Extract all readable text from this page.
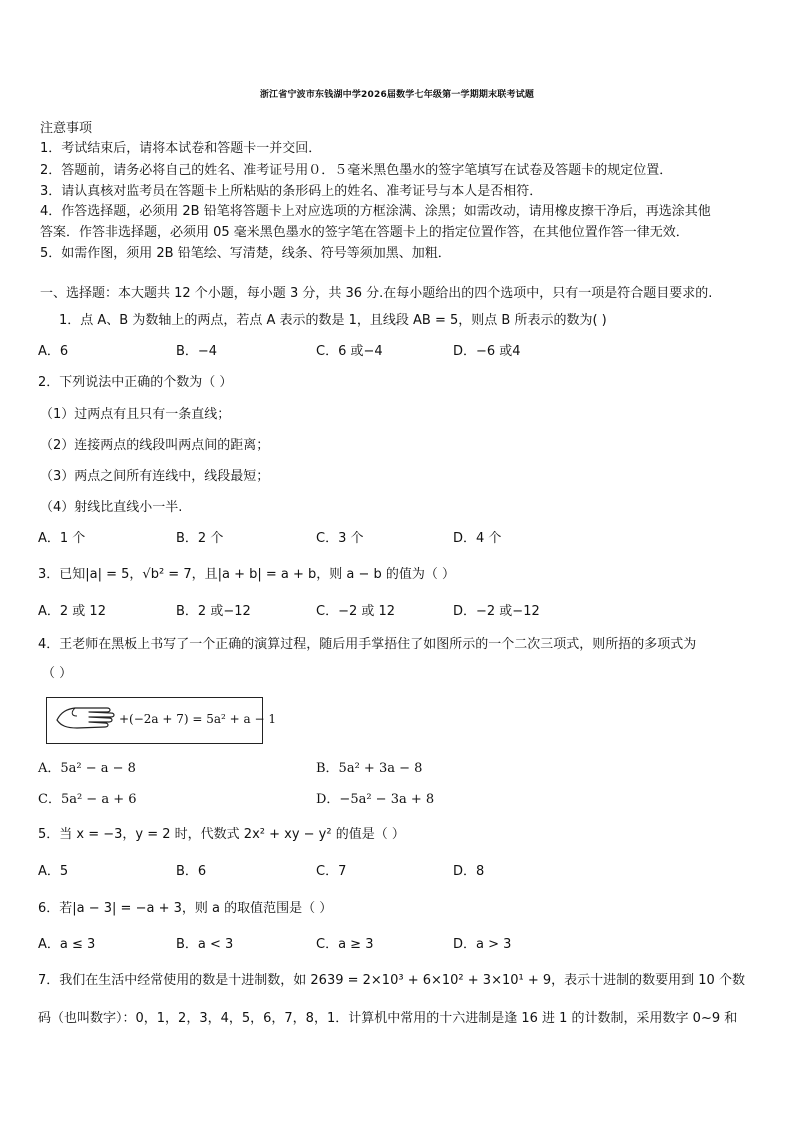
浙江省宁波市东钱湖中学2026届数学七年级第一学期期末联考试题
注意事项
1．考试结束后，请将本试卷和答题卡一并交回．
2．答题前，请务必将自己的姓名、准考证号用０．５毫米黑色墨水的签字笔填写在试卷及答题卡的规定位置．
3．请认真核对监考员在答题卡上所粘贴的条形码上的姓名、准考证号与本人是否相符．
4．作答选择题，必须用 2B 铅笔将答题卡上对应选项的方框涂满、涂黑；如需改动，请用橡皮擦干净后，再选涂其他
答案．作答非选择题，必须用 05 毫米黑色墨水的签字笔在答题卡上的指定位置作答，在其他位置作答一律无效．
5．如需作图，须用 2B 铅笔绘、写清楚，线条、符号等须加黑、加粗．
一、选择题：本大题共 12 个小题，每小题 3 分，共 36 分.在每小题给出的四个选项中，只有一项是符合题目要求的.
1．点 A、B 为数轴上的两点，若点 A 表示的数是 1，且线段 AB = 5，则点 B 所表示的数为( )
A．6	B．−4	C．6 或−4	D．−6 或4
2．下列说法中正确的个数为（ ）
（1）过两点有且只有一条直线；
（2）连接两点的线段叫两点间的距离；
（3）两点之间所有连线中，线段最短；
（4）射线比直线小一半.
A．1 个	B．2 个	C．3 个	D．4 个
3．已知|a| = 5，√b² = 7，且|a + b| = a + b，则 a − b 的值为（ ）
A．2 或 12	B．2 或−12	C．−2 或 12	D．−2 或−12
4．王老师在黑板上书写了一个正确的演算过程，随后用手掌捂住了如图所示的一个二次三项式，则所捂的多项式为
（ ）
+(−2a + 7) = 5a² + a − 1
A．5a² − a − 8	B．5a² + 3a − 8
C．5a² − a + 6	D．−5a² − 3a + 8
5．当 x = −3，y = 2 时，代数式 2x² + xy − y² 的值是（ ）
A．5	B．6	C．7	D．8
6．若|a − 3| = −a + 3，则 a 的取值范围是（ ）
A．a ≤ 3	B．a < 3	C．a ≥ 3	D．a > 3
7．我们在生活中经常使用的数是十进制数，如 2639 = 2×10³ + 6×10² + 3×10¹ + 9，表示十进制的数要用到 10 个数
码（也叫数字）：0，1，2，3，4，5，6，7，8，1．计算机中常用的十六进制是逢 16 进 1 的计数制，采用数字 0~9 和
